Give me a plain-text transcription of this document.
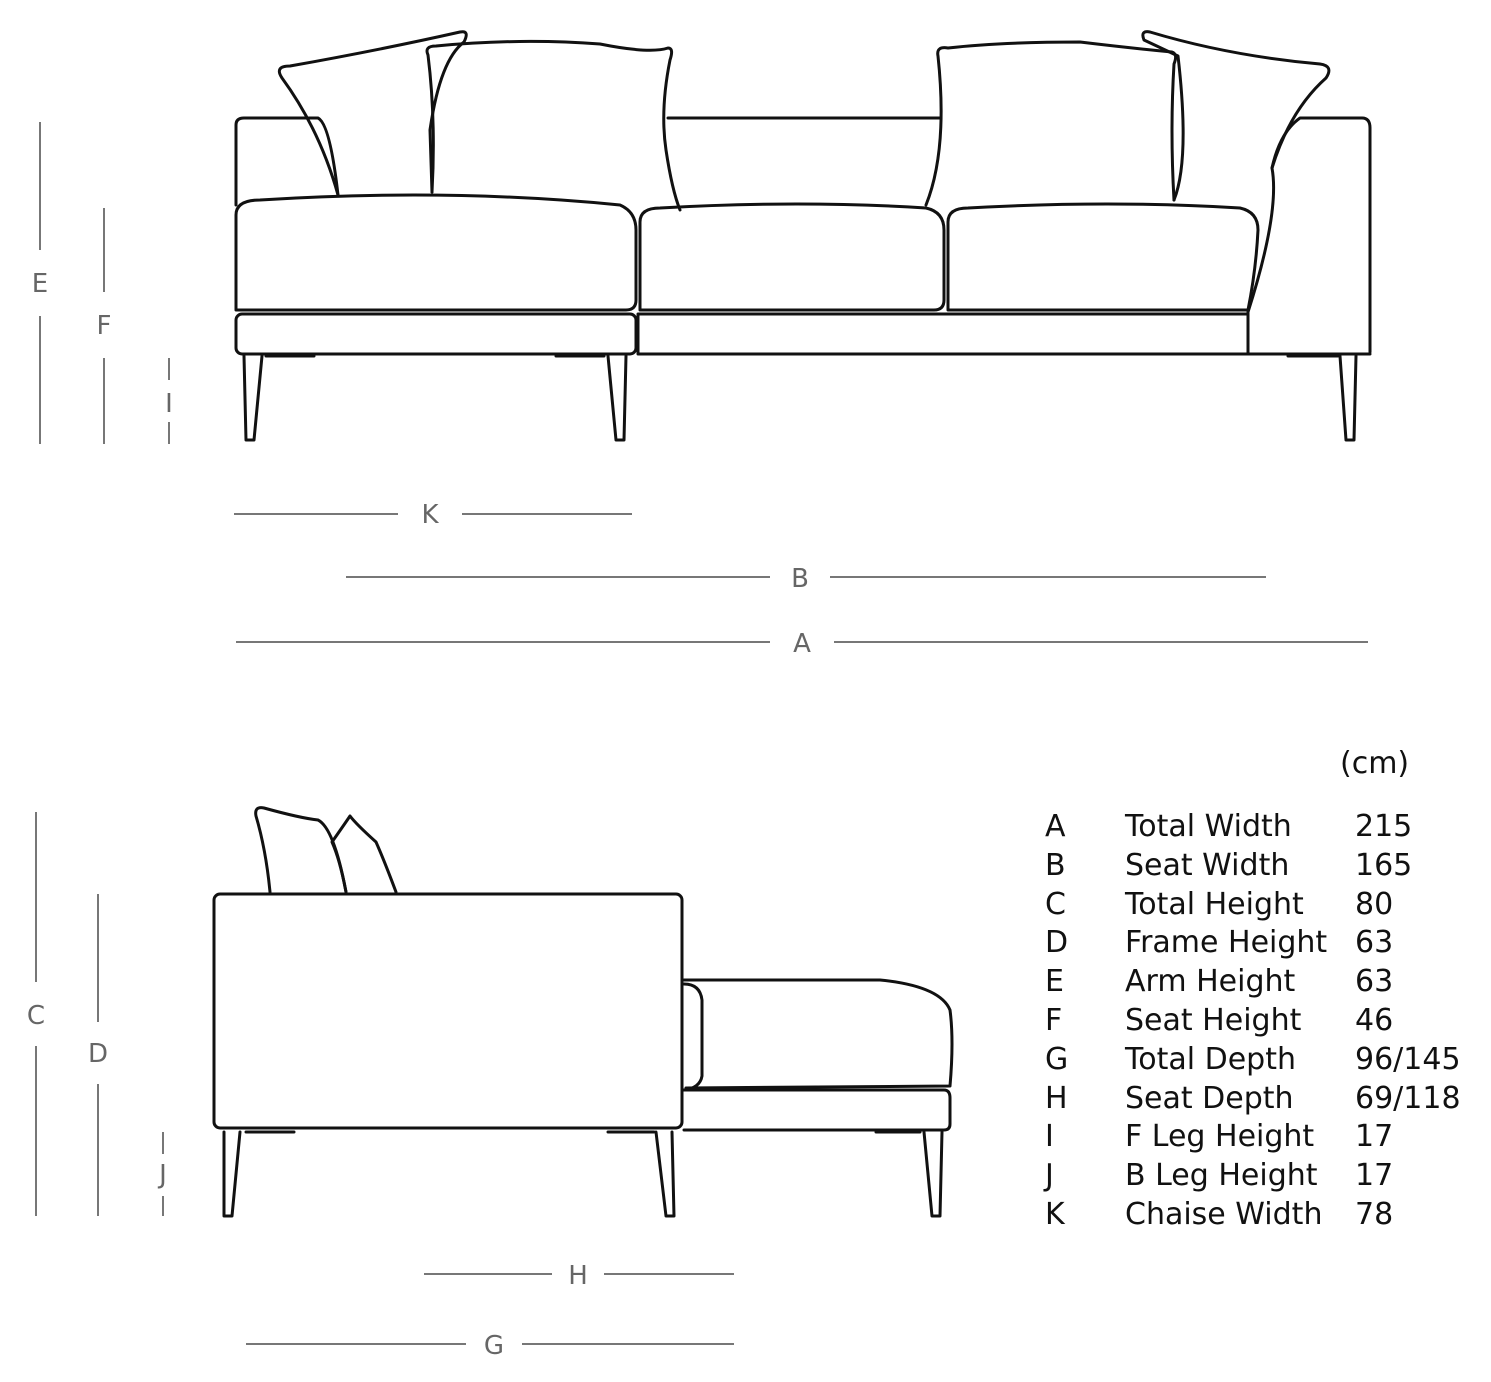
E
F
I
K
B
A
C
D
J
H
G
(cm)
A	Total Width	215
B	Seat Width	165
C	Total Height	80
D	Frame Height	63
E	Arm Height	63
F	Seat Height	46
G	Total Depth	96/145
H	Seat Depth	69/118
I	F Leg Height	17
J	B Leg Height	17
K	Chaise Width	78
